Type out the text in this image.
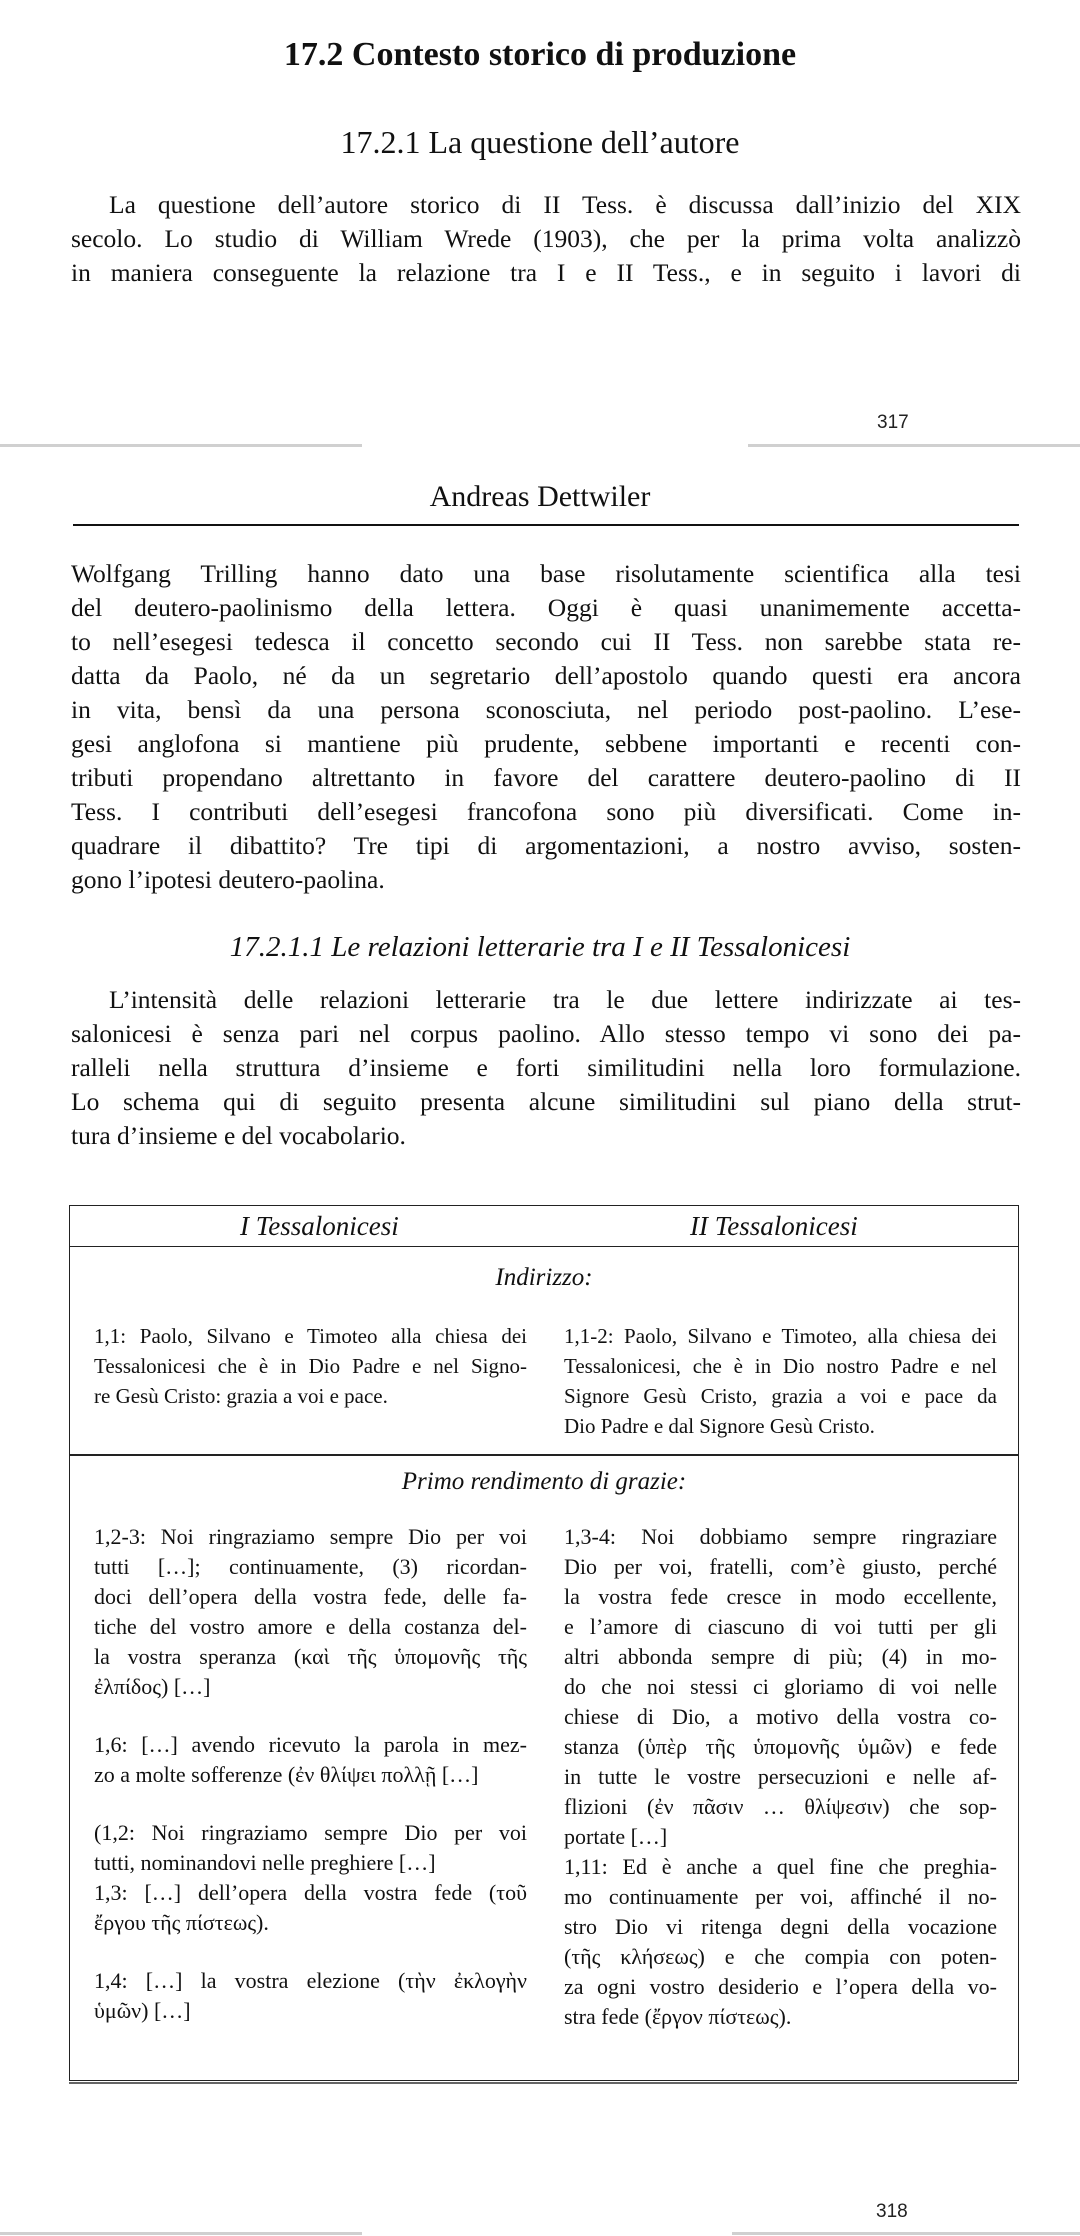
17.2 Contesto storico di produzione
17.2.1 La questione dell’autore
La questione dell’autore storico di II Tess. è discussa dall’inizio del XIX
secolo. Lo studio di William Wrede (1903), che per la prima volta analizzò
in maniera conseguente la relazione tra I e II Tess., e in seguito i lavori di
317
Andreas Dettwiler
Wolfgang Trilling hanno dato una base risolutamente scientifica alla tesi
del deutero-paolinismo della lettera. Oggi è quasi unanimemente accetta-
to nell’esegesi tedesca il concetto secondo cui II Tess. non sarebbe stata re-
datta da Paolo, né da un segretario dell’apostolo quando questi era ancora
in vita, bensì da una persona sconosciuta, nel periodo post-paolino. L’ese-
gesi anglofona si mantiene più prudente, sebbene importanti e recenti con-
tributi propendano altrettanto in favore del carattere deutero-paolino di II
Tess. I contributi dell’esegesi francofona sono più diversificati. Come in-
quadrare il dibattito? Tre tipi di argomentazioni, a nostro avviso, sosten-
gono l’ipotesi deutero-paolina.
17.2.1.1 Le relazioni letterarie tra I e II Tessalonicesi
L’intensità delle relazioni letterarie tra le due lettere indirizzate ai tes-
salonicesi è senza pari nel corpus paolino. Allo stesso tempo vi sono dei pa-
ralleli nella struttura d’insieme e forti similitudini nella loro formulazione.
Lo schema qui di seguito presenta alcune similitudini sul piano della strut-
tura d’insieme e del vocabolario.
I Tessalonicesi	II Tessalonicesi
Indirizzo:
1,1: Paolo, Silvano e Timoteo alla chiesa dei
Tessalonicesi che è in Dio Padre e nel Signo-
re Gesù Cristo: grazia a voi e pace.
1,1-2: Paolo, Silvano e Timoteo, alla chiesa dei
Tessalonicesi, che è in Dio nostro Padre e nel
Signore Gesù Cristo, grazia a voi e pace da
Dio Padre e dal Signore Gesù Cristo.
Primo rendimento di grazie:
1,2-3: Noi ringraziamo sempre Dio per voi
tutti […]; continuamente, (3) ricordan-
doci dell’opera della vostra fede, delle fa-
tiche del vostro amore e della costanza del-
la vostra speranza (καὶ τῆς ὑπομονῆς τῆς
ἐλπίδος) […]
1,6: […] avendo ricevuto la parola in mez-
zo a molte sofferenze (ἐν θλίψει πολλῇ […]
(1,2: Noi ringraziamo sempre Dio per voi
tutti, nominandovi nelle preghiere […]
1,3: […] dell’opera della vostra fede (τοῦ
ἔργου τῆς πίστεως).
1,4: […] la vostra elezione (τὴν ἐκλογὴν
ὑμῶν) […]
1,3-4: Noi dobbiamo sempre ringraziare
Dio per voi, fratelli, com’è giusto, perché
la vostra fede cresce in modo eccellente,
e l’amore di ciascuno di voi tutti per gli
altri abbonda sempre di più; (4) in mo-
do che noi stessi ci gloriamo di voi nelle
chiese di Dio, a motivo della vostra co-
stanza (ὑπὲρ τῆς ὑπομονῆς ὑμῶν) e fede
in tutte le vostre persecuzioni e nelle af-
flizioni (ἐν πᾶσιν … θλίψεσιν) che sop-
portate […]
1,11: Ed è anche a quel fine che preghia-
mo continuamente per voi, affinché il no-
stro Dio vi ritenga degni della vocazione
(τῆς κλήσεως) e che compia con poten-
za ogni vostro desiderio e l’opera della vo-
stra fede (ἔργον πίστεως).
318
